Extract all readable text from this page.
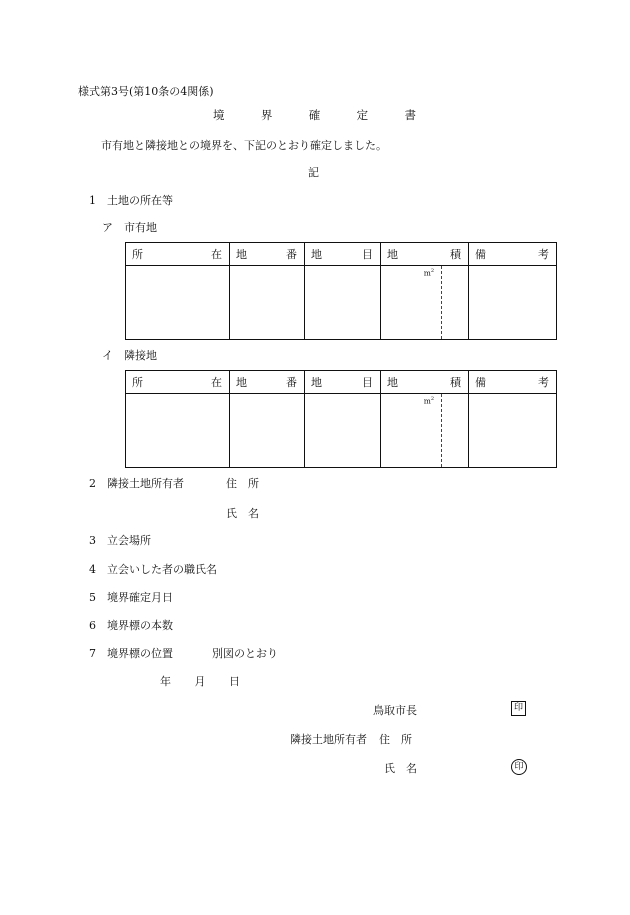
様式第3号(第10条の4関係)
境	界	確	定	書
市有地と隣接地との境界を、下記のとおり確定しました。
記
1　土地の所在等
ア　市有地
所 在	地 番	地 目	地 積	備 考

			$m^2$

イ　隣接地
所 在	地 番	地 目	地 積	備 考

			$m^2$

2　隣接土地所有者	住　所
氏　名
3　立会場所
4　立会いした者の職氏名
5　境界確定月日
6　境界標の本数
7　境界標の位置	別図のとおり
年 月 日
鳥取市長	印
隣接土地所有者 住　所
氏　名	印
